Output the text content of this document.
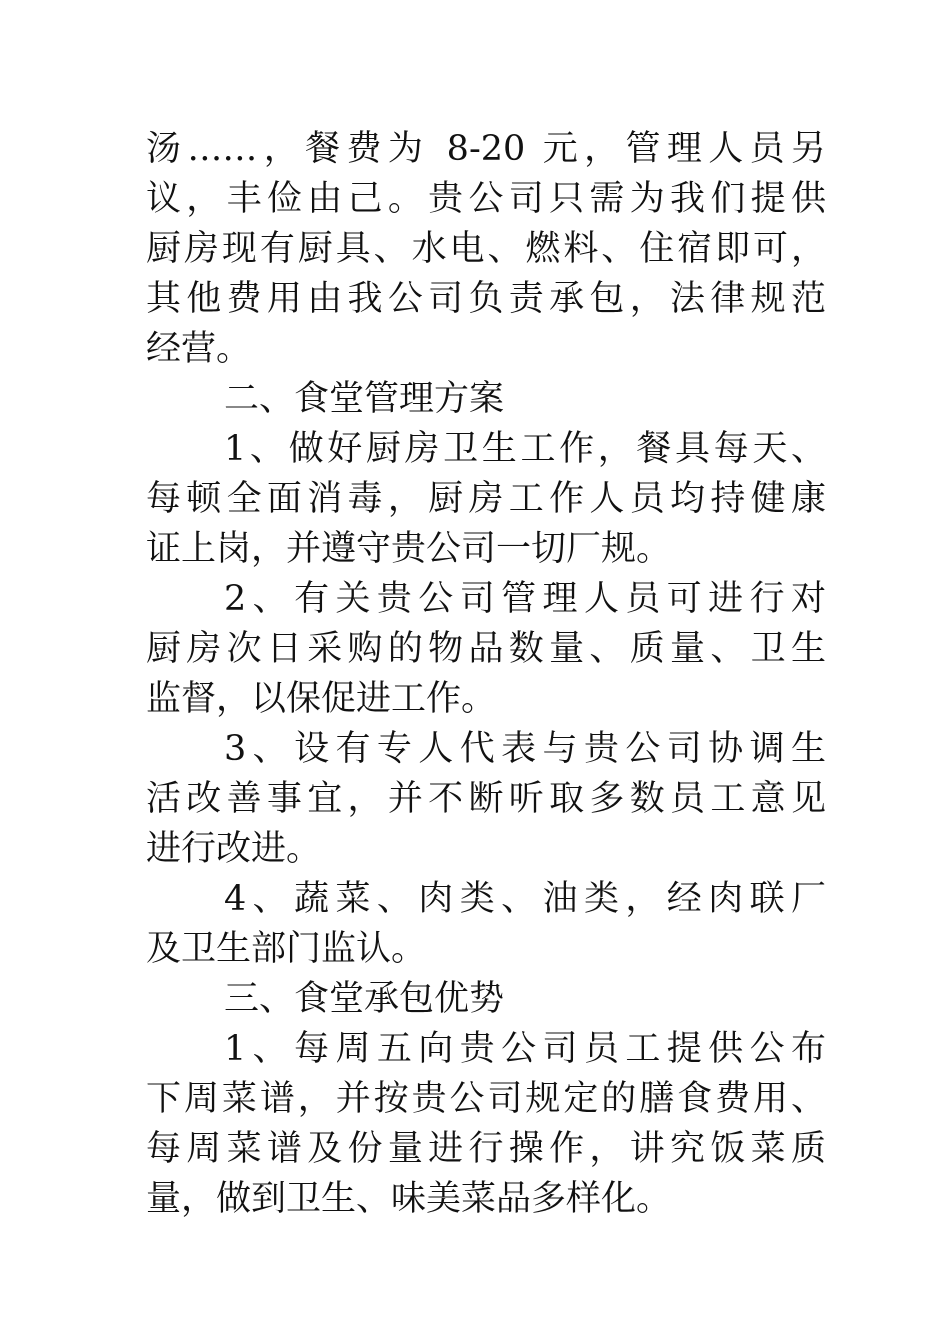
汤……，餐费为 8-20 元，管理人员另
议，丰俭由己。贵公司只需为我们提供
厨房现有厨具、水电、燃料、住宿即可，
其他费用由我公司负责承包，法律规范
经营。
二、食堂管理方案
1、做好厨房卫生工作，餐具每天、
每顿全面消毒，厨房工作人员均持健康
证上岗，并遵守贵公司一切厂规。
2、有关贵公司管理人员可进行对
厨房次日采购的物品数量、质量、卫生
监督，以保促进工作。
3、设有专人代表与贵公司协调生
活改善事宜，并不断听取多数员工意见
进行改进。
4、蔬菜、肉类、油类，经肉联厂
及卫生部门监认。
三、食堂承包优势
1、每周五向贵公司员工提供公布
下周菜谱，并按贵公司规定的膳食费用、
每周菜谱及份量进行操作，讲究饭菜质
量，做到卫生、味美菜品多样化。
